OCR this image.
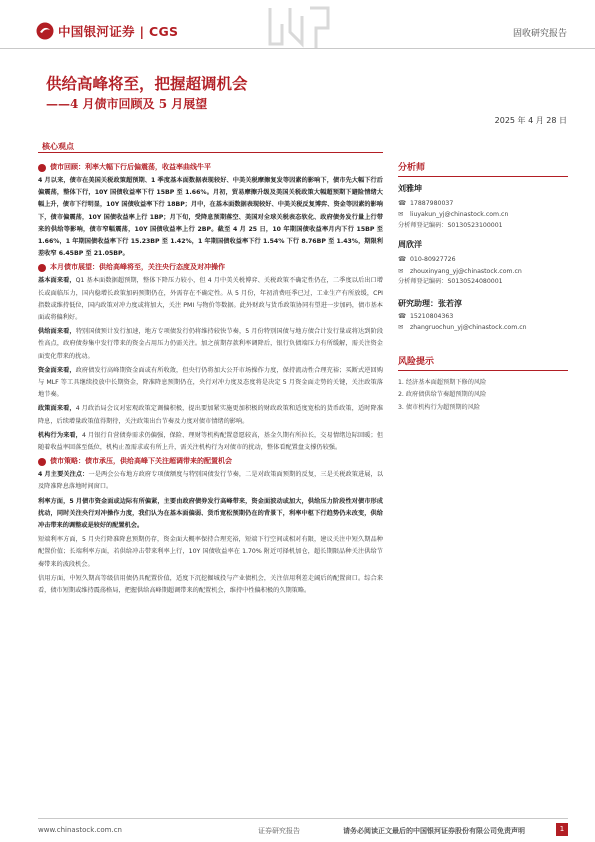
中国银河证券 | CGS	固收研究报告
供给高峰将至，把握超调机会
——4 月债市回顾及 5 月展望
2025 年 4 月 28 日
核心观点
债市回顾：利率大幅下行后偏震荡，收益率曲线牛平

4 月以来，债市在美国关税政策超预期、1 季度基本面数据表现较好、中美关税摩擦复发等因素的影响下，债市先大幅下行后偏震荡，整体下行，10Y 国债收益率下行 15BP 至 1.66%。月初，贸易摩擦升级及美国关税政策大幅超预期下避险情绪大幅上升，债市下行明显，10Y 国债收益率下行 18BP；月中，在基本面数据表现较好、中美关税反复博弈、资金等因素的影响下，债市偏震荡，10Y 国债收益率上行 1BP；月下旬，受降息预期落空、美国对全球关税表态软化、政府债务发行量上行带来的供给等影响，债市窄幅震荡，10Y 国债收益率上行 2BP。截至 4 月 25 日，10 年期国债收益率月内下行 15BP 至 1.66%，1 年期国债收益率下行 15.23BP 至 1.42%，1 年期国债收益率下行 1.54% 下行 8.76BP 至 1.43%，期限利差收窄 6.45BP 至 21.05BP。

本月债市展望：供给高峰将至，关注央行态度及对冲操作

基本面来看，Q1 基本面数据超预期，整体下降压力较小，但 4 月中美关税博弈、关税政策不确定性仍在，二季度以后出口增长或面临压力，国内稳增长政策加码预期仍在，外需存在不确定性。从 5 月份，年初消费旺季已过，工业生产有所放缓，CPI 指数或维持低位，国内政策对冲力度或将加大，关注 PMI 与物价等数据。此外财政与货币政策协同有望进一步加码，债市基本面或将偏利好。

供给面来看，特别国债预计发行加速，地方专项债发行仍将维持较快节奏，5 月份特别国债与地方债合计发行量或将达到阶段性高点，政府债券集中发行带来的资金占用压力仍需关注。加之前期存款利率调降后，银行负债端压力有所缓解，需关注资金面变化带来的扰动。

资金面来看，政府债发行高峰期资金面或有所收敛，但央行仍将加大公开市场操作力度，保持流动性合理充裕；买断式逆回购与 MLF 等工具继续投放中长期资金，降准降息预期仍在，央行对冲力度及态度将是决定 5 月资金面走势的关键，关注政策落地节奏。

政策面来看，4 月政治局会议对宏观政策定调偏积极，提出要加紧实施更加积极的财政政策和适度宽松的货币政策，适时降准降息，后续增量政策值得期待，关注政策出台节奏及力度对债市情绪的影响。

机构行为来看，4 月银行自营债券需求仍偏强，保险、理财等机构配置意愿较高，基金久期有所拉长，交易情绪边际回暖；但随着收益率回落至低位，机构止盈需求或有所上升，需关注机构行为对债市的扰动，整体看配置盘支撑仍较强。

债市策略：债市承压，供给高峰下关注超调带来的配置机会

4 月主要关注点：一是两会公布地方政府专项债额度与特别国债发行节奏，二是对政策面预期的反复，三是关税政策进展，以及降准降息落地时间窗口。

利率方面，5 月债市资金面或边际有所偏紧，主要由政府债券发行高峰带来，资金面波动或加大，供给压力阶段性对债市形成扰动，同时关注央行对冲操作力度，我们认为在基本面偏弱、货币宽松预期仍在的背景下，利率中枢下行趋势仍未改变，供给冲击带来的调整或是较好的配置机会。

短端利率方面，5 月央行降准降息预期仍存，资金面大概率保持合理充裕，短端下行空间或相对有限，建议关注中短久期品种配置价值；长端利率方面，若供给冲击带来利率上行，10Y 国债收益率在 1.70% 附近可择机加仓，超长期限品种关注供给节奏带来的波段机会。

信用方面，中短久期高等级信用债仍具配置价值，适度下沉挖掘城投与产业债机会，关注信用利差走阔后的配置窗口。综合来看，债市短期或维持震荡格局，把握供给高峰期超调带来的配置机会，维持中性偏积极的久期策略。

分析师
刘雅坤
☎ 17887980037
✉ liuyakun_yj@chinastock.com.cn
分析师登记编码：S0130523100001
周欣洋
☎ 010-80927726
✉ zhouxinyang_yj@chinastock.com.cn
分析师登记编码：S0130524080001
研究助理：张若淳
☎ 15210804363
✉ zhangruochun_yj@chinastock.com.cn
风险提示
1. 经济基本面超预期下修的风险
2. 政府债供给节奏超预期的风险
3. 债市机构行为超预期的风险
www.chinastock.com.cn	证券研究报告	请务必阅读正文最后的中国银河证券股份有限公司免责声明	1
